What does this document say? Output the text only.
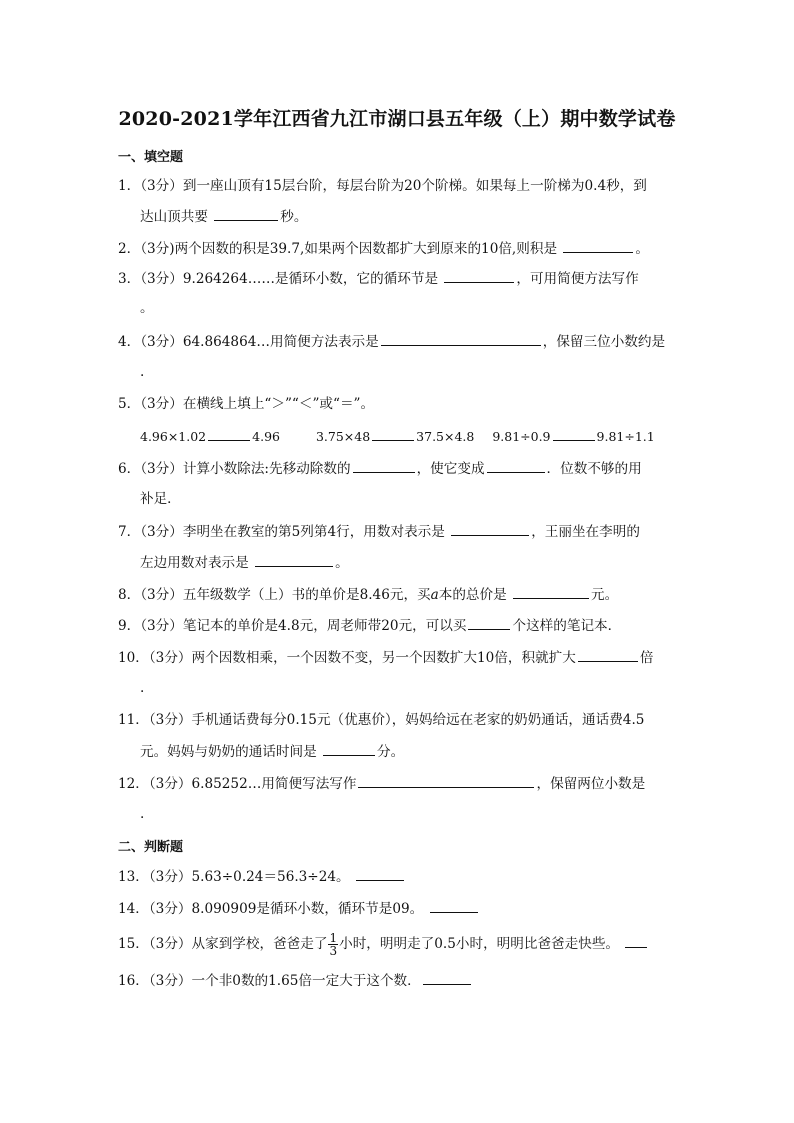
2020-2021学年江西省九江市湖口县五年级（上）期中数学试卷
一、填空题
1．（3分）到一座山顶有15层台阶，每层台阶为20个阶梯。如果每上一阶梯为0.4秒，到
达山顶共要	秒。
2．（3分)两个因数的积是39.7,如果两个因数都扩大到原来的10倍,则积是	。
3．（3分）9.264264……是循环小数，它的循环节是	，可用简便方法写作
。
4．（3分）64.864864…用简便方法表示是	，保留三位小数约是
.
5．（3分）在横线上填上“＞”“＜”或“＝”。
4.96×1.02	4.96	3.75×48	37.5×4.8 9.81÷0.9	9.81÷1.1
6．（3分）计算小数除法:先移动除数的	，使它变成	．位数不够的用
补足．
7．（3分）李明坐在教室的第5列第4行，用数对表示是	，王丽坐在李明的
左边用数对表示是	。
8．（3分）五年级数学（上）书的单价是8.46元，买a本的总价是	元。
9．（3分）笔记本的单价是4.8元，周老师带20元，可以买	个这样的笔记本．
10．（3分）两个因数相乘，一个因数不变，另一个因数扩大10倍，积就扩大	倍
.
11．（3分）手机通话费每分0.15元（优惠价），妈妈给远在老家的奶奶通话，通话费4.5
元。妈妈与奶奶的通话时间是	分。
12．（3分）6.85252…用简便写法写作	，保留两位小数是
.
二、判断题
13．（3分）5.63÷0.24＝56.3÷24。
14．（3分）8.090909是循环小数，循环节是09。
15．（3分）从家到学校，爸爸走了 $\frac{1}{3}$ 小时，明明走了0.5小时，明明比爸爸走快些。
16．（3分）一个非0数的1.65倍一定大于这个数．
